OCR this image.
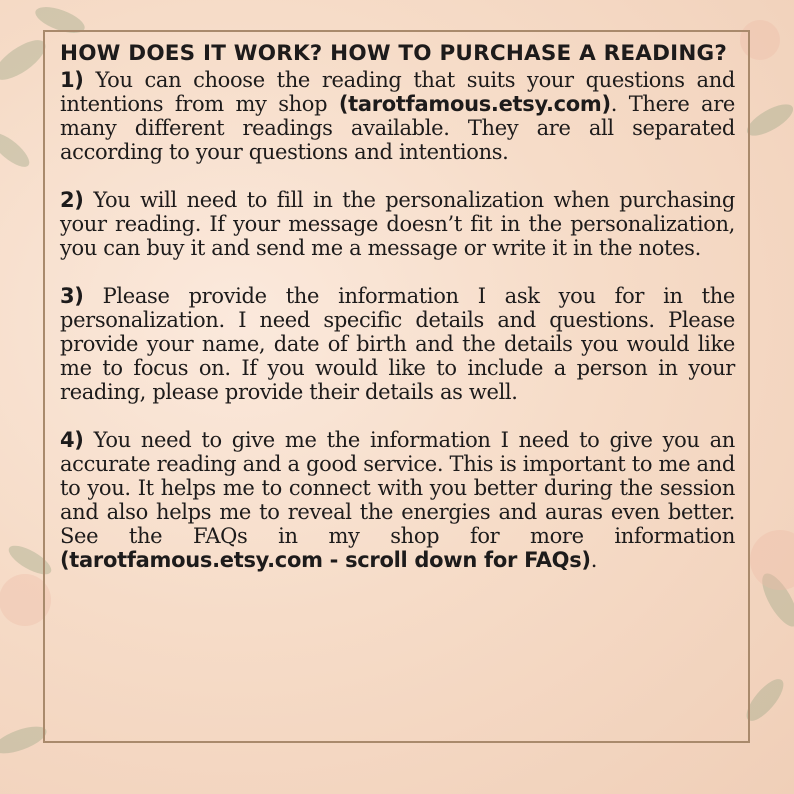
HOW DOES IT WORK? HOW TO PURCHASE A READING?

1) You can choose the reading that suits your questions and intentions from my shop (tarotfamous.etsy.com). There are many different readings available. They are all separated according to your questions and intentions.

2) You will need to fill in the personalization when purchasing your reading. If your message doesn’t fit in the personalization, you can buy it and send me a message or write it in the notes.

3) Please provide the information I ask you for in the personalization. I need specific details and questions. Please provide your name, date of birth and the details you would like me to focus on. If you would like to include a person in your reading, please provide their details as well.

4) You need to give me the information I need to give you an accurate reading and a good service. This is important to me and to you. It helps me to connect with you better during the session and also helps me to reveal the energies and auras even better. See the FAQs in my shop for more information (tarotfamous.etsy.com - scroll down for FAQs).
